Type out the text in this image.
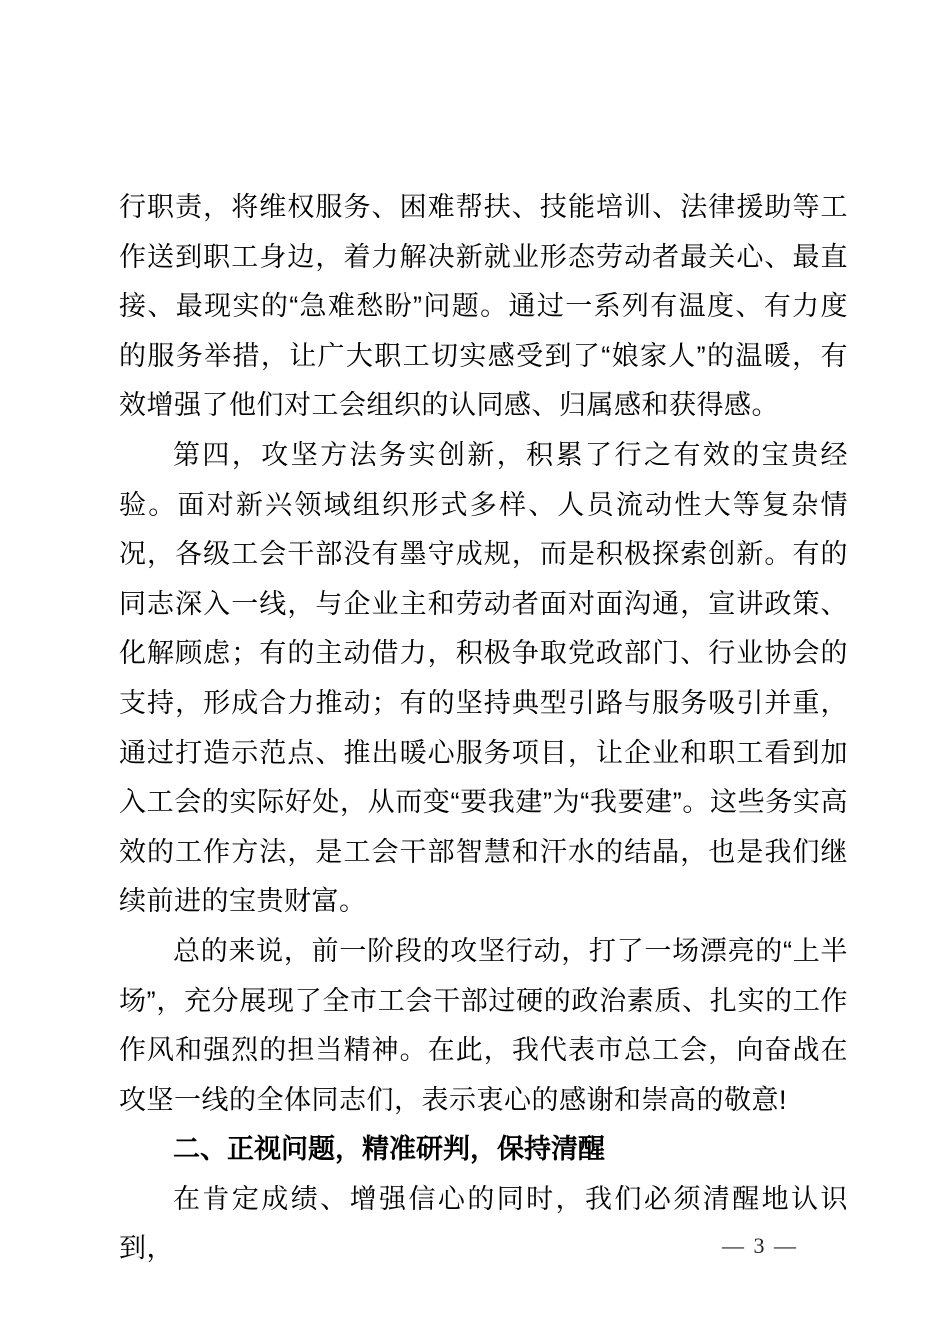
行职责，将维权服务、困难帮扶、技能培训、法律援助等工作送到职工身边，着力解决新就业形态劳动者最关心、最直接、最现实的“急难愁盼”问题。通过一系列有温度、有力度的服务举措，让广大职工切实感受到了“娘家人”的温暖，有效增强了他们对工会组织的认同感、归属感和获得感。

第四，攻坚方法务实创新，积累了行之有效的宝贵经验。面对新兴领域组织形式多样、人员流动性大等复杂情况，各级工会干部没有墨守成规，而是积极探索创新。有的同志深入一线，与企业主和劳动者面对面沟通，宣讲政策、化解顾虑；有的主动借力，积极争取党政部门、行业协会的支持，形成合力推动；有的坚持典型引路与服务吸引并重，通过打造示范点、推出暖心服务项目，让企业和职工看到加入工会的实际好处，从而变“要我建”为“我要建”。这些务实高效的工作方法，是工会干部智慧和汗水的结晶，也是我们继续前进的宝贵财富。

总的来说，前一阶段的攻坚行动，打了一场漂亮的“上半场”，充分展现了全市工会干部过硬的政治素质、扎实的工作作风和强烈的担当精神。在此，我代表市总工会，向奋战在攻坚一线的全体同志们，表示衷心的感谢和崇高的敬意!

二、正视问题，精准研判，保持清醒

在肯定成绩、增强信心的同时，我们必须清醒地认识到，	— 3 —
